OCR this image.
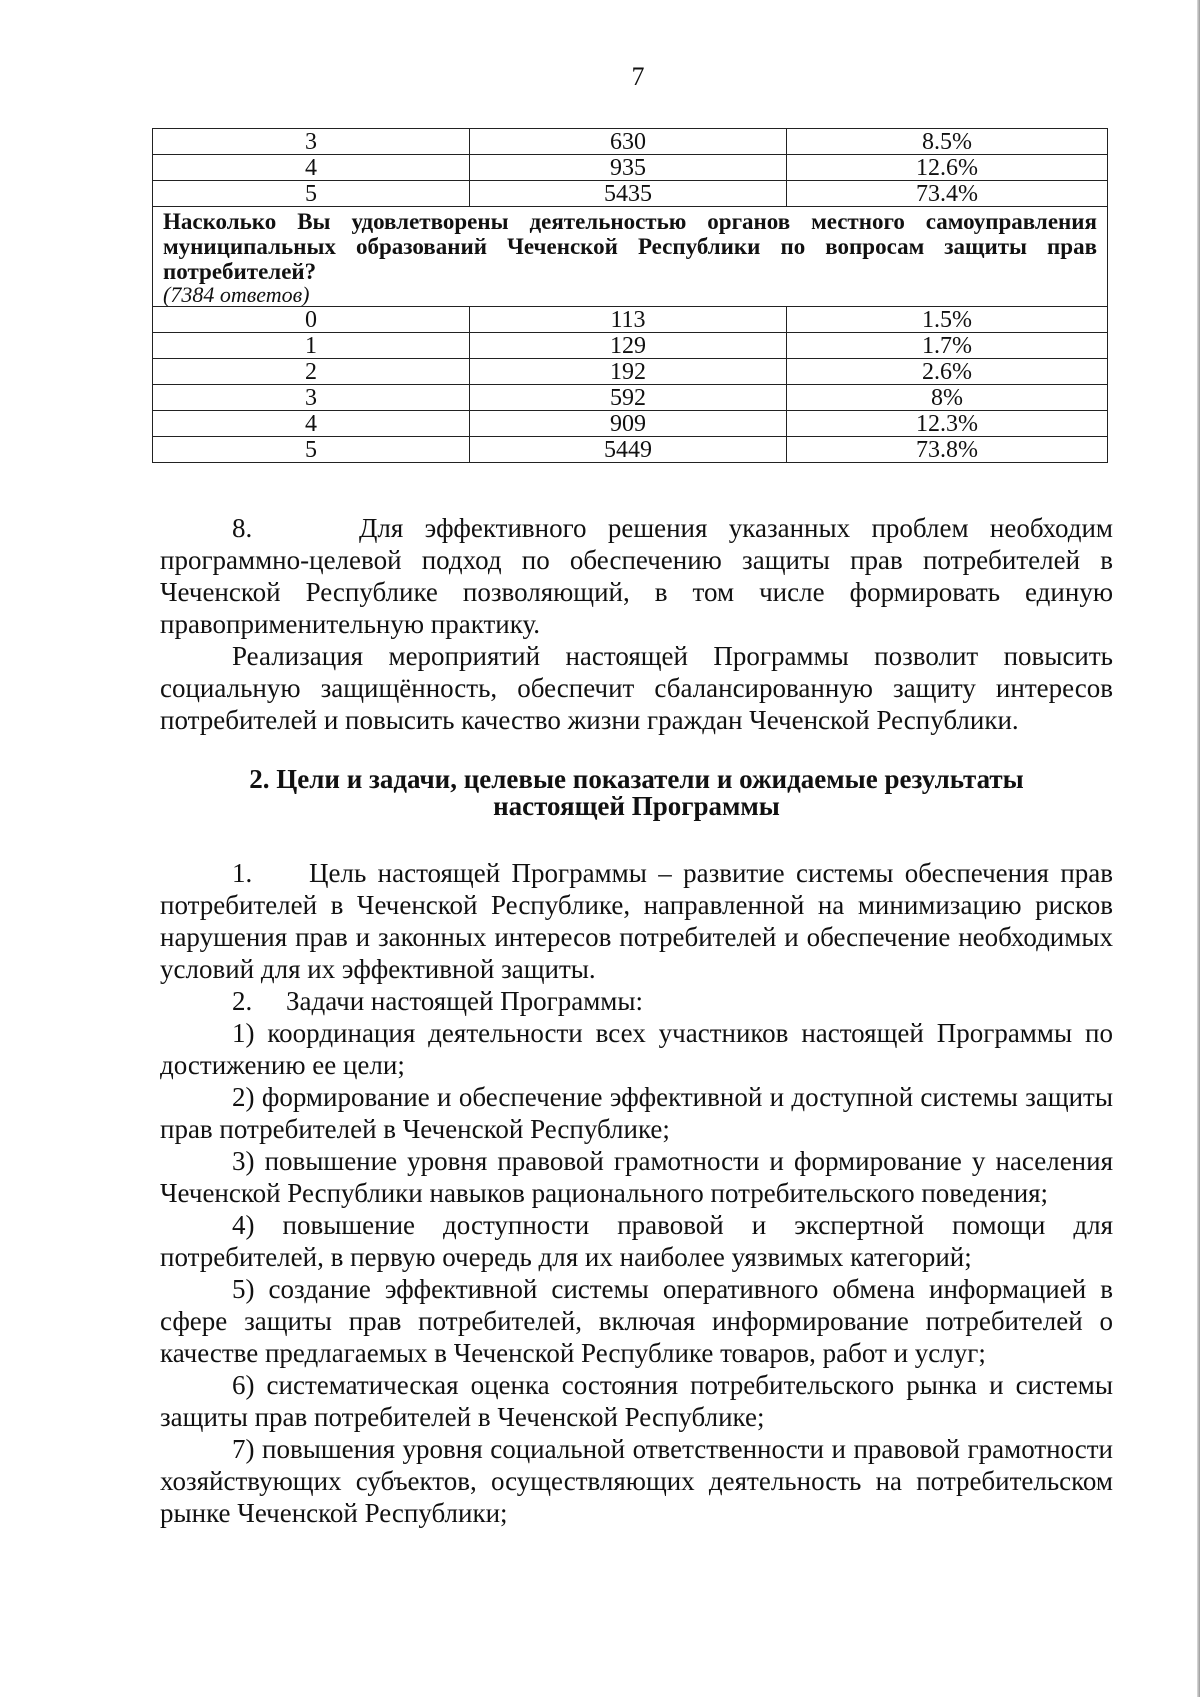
7
3	630	8.5%
4	935	12.6%
5	5435	73.4%

Насколько Вы удовлетворены деятельностью органов местного самоуправления муниципальных образований Чеченской Республики по вопросам защиты прав потребителей?
(7384 ответов)		

0	113	1.5%
1	129	1.7%
2	192	2.6%
3	592	8%
4	909	12.3%
5	5449	73.8%

8.	Для эффективного решения указанных проблем необходим программно-целевой подход по обеспечению защиты прав потребителей в Чеченской Республике позволяющий, в том числе формировать единую правоприменительную практику.

Реализация мероприятий настоящей Программы позволит повысить социальную защищённость, обеспечит сбалансированную защиту интересов потребителей и повысить качество жизни граждан Чеченской Республики.

2. Цели и задачи, целевые показатели и ожидаемые результаты
настоящей Программы

1. Цель настоящей Программы – развитие системы обеспечения прав потребителей в Чеченской Республике, направленной на минимизацию рисков нарушения прав и законных интересов потребителей и обеспечение необходимых условий для их эффективной защиты.

2. Задачи настоящей Программы:

1) координация деятельности всех участников настоящей Программы по достижению ее цели;

2) формирование и обеспечение эффективной и доступной системы защиты прав потребителей в Чеченской Республике;

3) повышение уровня правовой грамотности и формирование у населения Чеченской Республики навыков рационального потребительского поведения;

4) повышение доступности правовой и экспертной помощи для потребителей, в первую очередь для их наиболее уязвимых категорий;

5) создание эффективной системы оперативного обмена информацией в сфере защиты прав потребителей, включая информирование потребителей о качестве предлагаемых в Чеченской Республике товаров, работ и услуг;

6) систематическая оценка состояния потребительского рынка и системы защиты прав потребителей в Чеченской Республике;

7) повышения уровня социальной ответственности и правовой грамотности хозяйствующих субъектов, осуществляющих деятельность на потребительском рынке Чеченской Республики;
